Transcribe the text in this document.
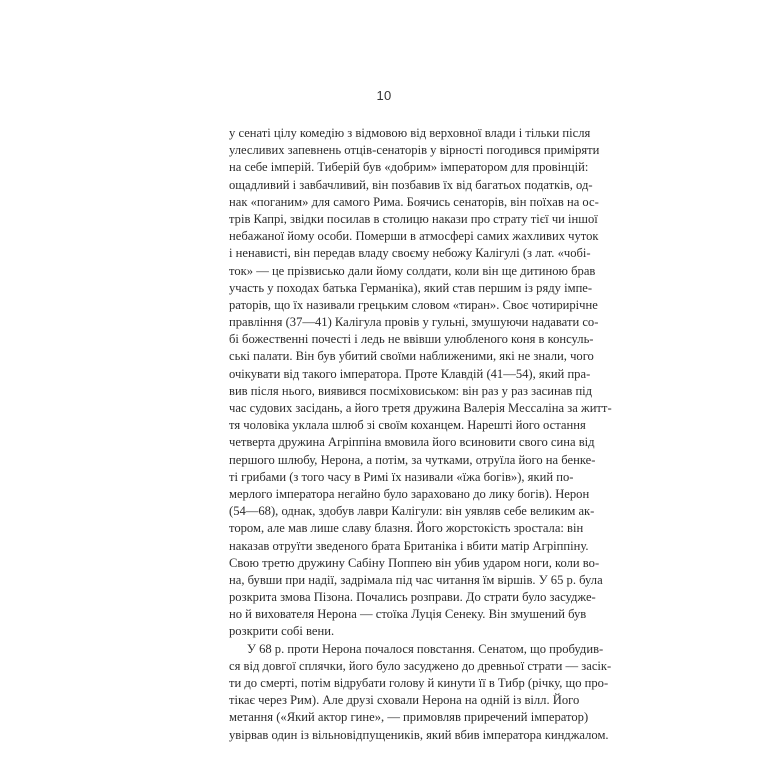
10
у сенаті цілу комедію з відмовою від верховної влади і тільки після
улесливих запевнень отців-сенаторів у вірності погодився приміряти
на себе імперій. Тиберій був «добрим» імператором для провінцій:
ощадливий і завбачливий, він позбавив їх від багатьох податків, од-
нак «поганим» для самого Рима. Боячись сенаторів, він поїхав на ос-
трів Капрі, звідки посилав в столицю накази про страту тієї чи іншої
небажаної йому особи. Померши в атмосфері самих жахливих чуток
і ненависті, він передав владу своєму небожу Калігулі (з лат. «чобі-
ток» — це прізвисько дали йому солдати, коли він ще дитиною брав
участь у походах батька Германіка), який став першим із ряду імпе-
раторів, що їх називали грецьким словом «тиран». Своє чотирирічне
правління (37—41) Калігула провів у гульні, змушуючи надавати со-
бі божественні почесті і ледь не ввівши улюбленого коня в консуль-
ські палати. Він був убитий своїми наближеними, які не знали, чого
очікувати від такого імператора. Проте Клавдій (41—54), який пра-
вив після нього, виявився посміховиськом: він раз у раз засинав під
час судових засідань, а його третя дружина Валерія Мессаліна за житт-
тя чоловіка уклала шлюб зі своїм коханцем. Нарешті його остання
четверта дружина Агріппіна вмовила його всиновити свого сина від
першого шлюбу, Нерона, а потім, за чутками, отруїла його на бенке-
ті грибами (з того часу в Римі їх називали «їжа богів»), який по-
мерлого імператора негайно було зараховано до лику богів). Нерон
(54—68), однак, здобув лаври Калігули: він уявляв себе великим ак-
тором, але мав лише славу блазня. Його жорстокість зростала: він
наказав отруїти зведеного брата Британіка і вбити матір Агріппіну.
Свою третю дружину Сабіну Поппею він убив ударом ноги, коли во-
на, бувши при надії, задрімала під час читання їм віршів. У 65 р. була
розкрита змова Пізона. Почались розправи. До страти було засудже-
но й вихователя Нерона — стоїка Луція Сенеку. Він змушений був
розкрити собі вени.
У 68 р. проти Нерона почалося повстання. Сенатом, що пробудив-
ся від довгої сплячки, його було засуджено до древньої страти — засік-
ти до смерті, потім відрубати голову й кинути її в Тибр (річку, що про-
тікає через Рим). Але друзі сховали Нерона на одній із вілл. Його
метання («Який актор гине», — примовляв приречений імператор)
увірвав один із вільновідпущеників, який вбив імператора кинджалом.
